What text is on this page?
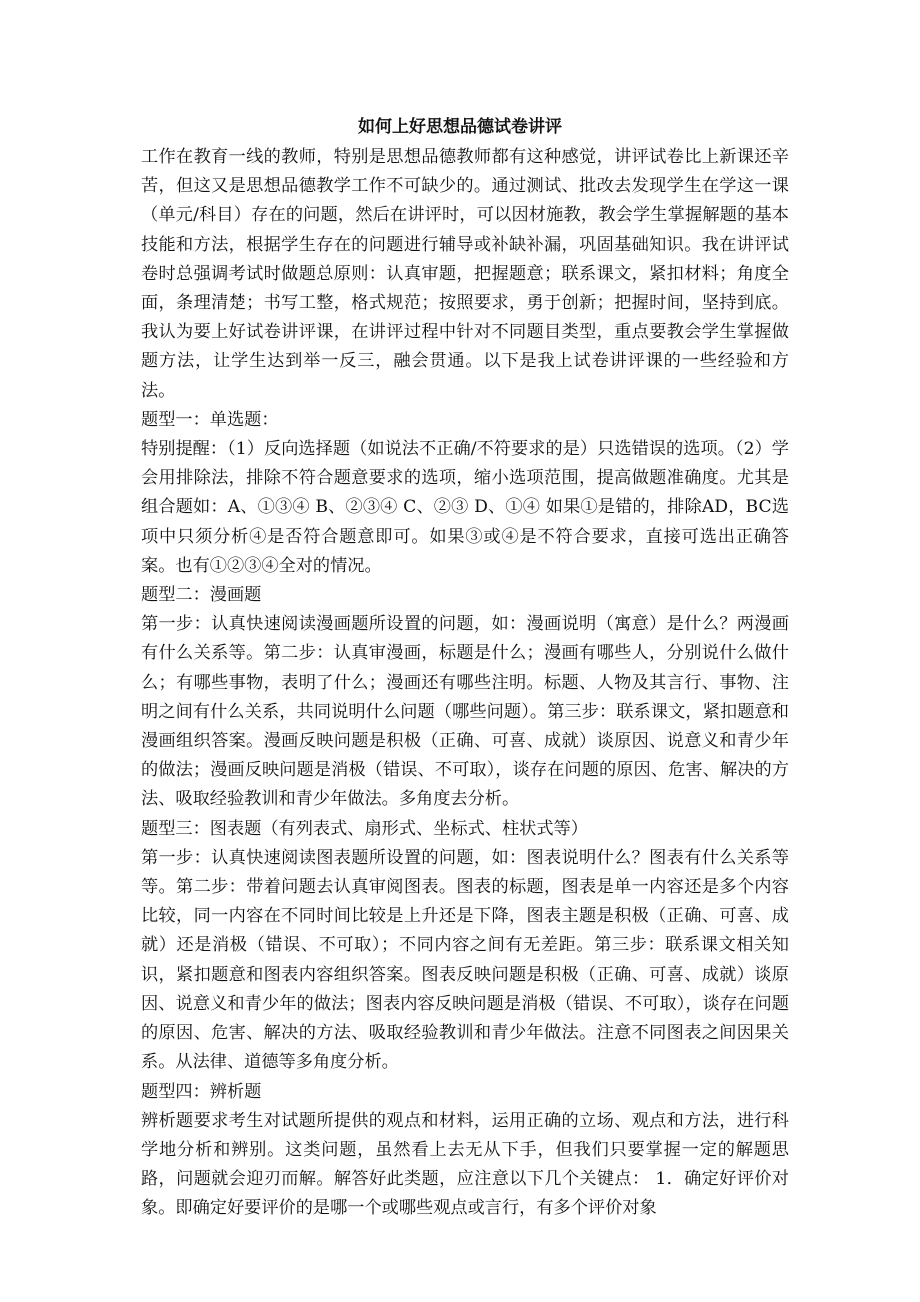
如何上好思想品德试卷讲评

工作在教育一线的教师，特别是思想品德教师都有这种感觉，讲评试卷比上新课还辛苦，但这又是思想品德教学工作不可缺少的。通过测试、批改去发现学生在学这一课（单元/科目）存在的问题，然后在讲评时，可以因材施教，教会学生掌握解题的基本技能和方法，根据学生存在的问题进行辅导或补缺补漏，巩固基础知识。我在讲评试卷时总强调考试时做题总原则：认真审题，把握题意；联系课文，紧扣材料；角度全面，条理清楚；书写工整，格式规范；按照要求，勇于创新；把握时间，坚持到底。我认为要上好试卷讲评课，在讲评过程中针对不同题目类型，重点要教会学生掌握做题方法，让学生达到举一反三，融会贯通。以下是我上试卷讲评课的一些经验和方法。

题型一：单选题：

特别提醒：（1）反向选择题（如说法不正确/不符要求的是）只选错误的选项。（2）学会用排除法，排除不符合题意要求的选项，缩小选项范围，提高做题准确度。尤其是组合题如：A、①③④ B、②③④ C、②③ D、①④ 如果①是错的，排除AD，BC选项中只须分析④是否符合题意即可。如果③或④是不符合要求，直接可选出正确答案。也有①②③④全对的情况。

题型二：漫画题

第一步：认真快速阅读漫画题所设置的问题，如：漫画说明（寓意）是什么？两漫画有什么关系等。第二步：认真审漫画，标题是什么；漫画有哪些人，分别说什么做什么；有哪些事物，表明了什么；漫画还有哪些注明。标题、人物及其言行、事物、注明之间有什么关系，共同说明什么问题（哪些问题）。第三步：联系课文，紧扣题意和漫画组织答案。漫画反映问题是积极（正确、可喜、成就）谈原因、说意义和青少年的做法；漫画反映问题是消极（错误、不可取），谈存在问题的原因、危害、解决的方法、吸取经验教训和青少年做法。多角度去分析。

题型三：图表题（有列表式、扇形式、坐标式、柱状式等）

第一步：认真快速阅读图表题所设置的问题，如：图表说明什么？图表有什么关系等等。第二步：带着问题去认真审阅图表。图表的标题，图表是单一内容还是多个内容比较，同一内容在不同时间比较是上升还是下降，图表主题是积极（正确、可喜、成就）还是消极（错误、不可取）；不同内容之间有无差距。第三步：联系课文相关知识，紧扣题意和图表内容组织答案。图表反映问题是积极（正确、可喜、成就）谈原因、说意义和青少年的做法；图表内容反映问题是消极（错误、不可取），谈存在问题的原因、危害、解决的方法、吸取经验教训和青少年做法。注意不同图表之间因果关系。从法律、道德等多角度分析。

题型四：辨析题

辨析题要求考生对试题所提供的观点和材料，运用正确的立场、观点和方法，进行科学地分析和辨别。这类问题，虽然看上去无从下手，但我们只要掌握一定的解题思路，问题就会迎刃而解。解答好此类题，应注意以下几个关键点： 1．确定好评价对象。即确定好要评价的是哪一个或哪些观点或言行，有多个评价对象
